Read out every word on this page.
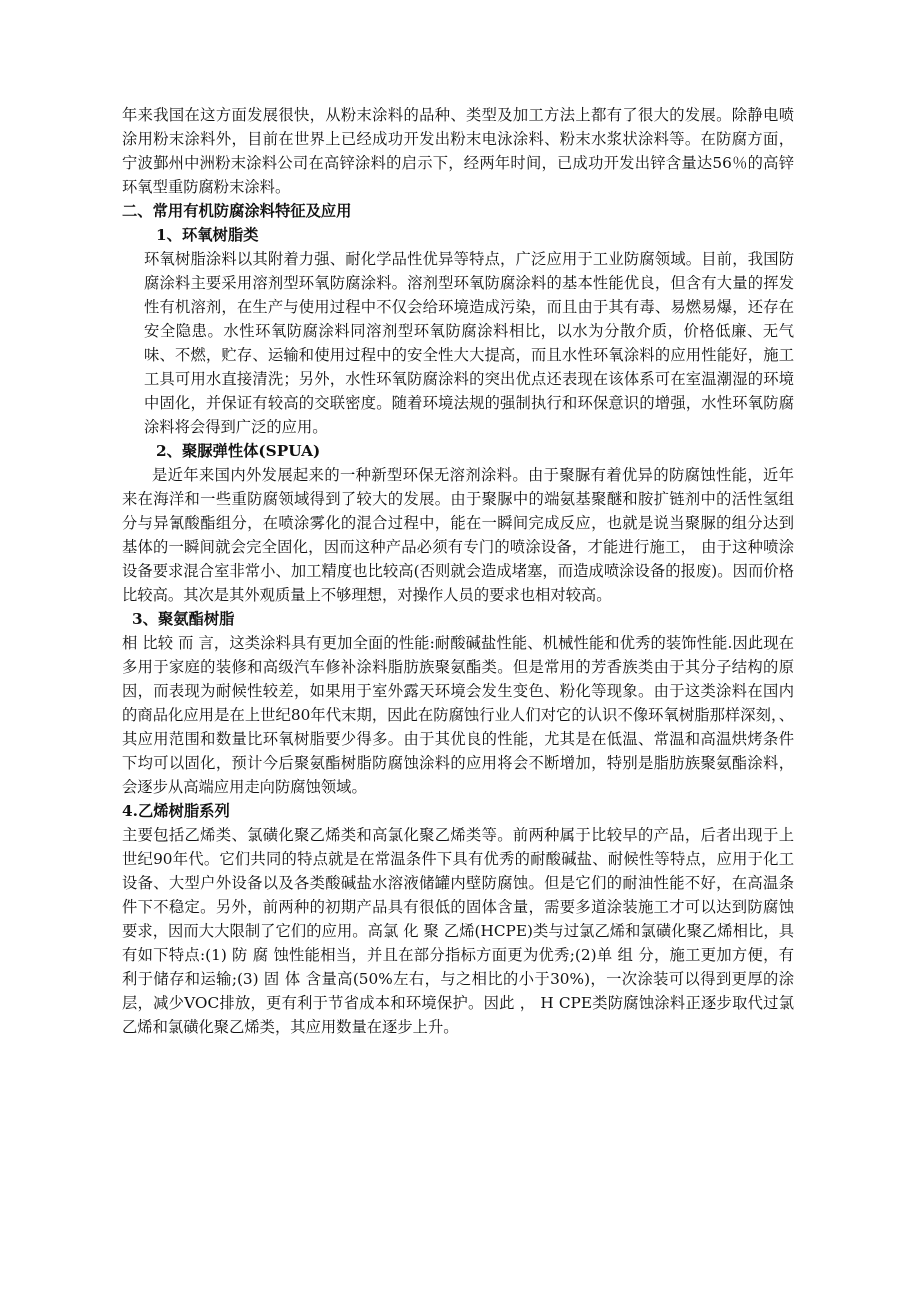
年来我国在这方面发展很快，从粉末涂料的品种、类型及加工方法上都有了很大的发展。除静电喷涂用粉末涂料外，目前在世界上已经成功开发出粉末电泳涂料、粉末水浆状涂料等。在防腐方面，宁波鄞州中洲粉末涂料公司在高锌涂料的启示下，经两年时间，已成功开发出锌含量达56％的高锌环氧型重防腐粉末涂料。

二、常用有机防腐涂料特征及应用

1、环氧树脂类

环氧树脂涂料以其附着力强、耐化学品性优异等特点，广泛应用于工业防腐领域。目前，我国防腐涂料主要采用溶剂型环氧防腐涂料。溶剂型环氧防腐涂料的基本性能优良，但含有大量的挥发性有机溶剂，在生产与使用过程中不仅会给环境造成污染，而且由于其有毒、易燃易爆，还存在安全隐患。水性环氧防腐涂料同溶剂型环氧防腐涂料相比，以水为分散介质，价格低廉、无气味、不燃，贮存、运输和使用过程中的安全性大大提高，而且水性环氧涂料的应用性能好，施工工具可用水直接清洗；另外，水性环氧防腐涂料的突出优点还表现在该体系可在室温潮湿的环境中固化，并保证有较高的交联密度。随着环境法规的强制执行和环保意识的增强，水性环氧防腐涂料将会得到广泛的应用。

2、聚脲弹性体(SPUA)

是近年来国内外发展起来的一种新型环保无溶剂涂料。由于聚脲有着优异的防腐蚀性能，近年来在海洋和一些重防腐领域得到了较大的发展。由于聚脲中的端氨基聚醚和胺扩链剂中的活性氢组分与异氰酸酯组分，在喷涂雾化的混合过程中，能在一瞬间完成反应，也就是说当聚脲的组分达到基体的一瞬间就会完全固化，因而这种产品必须有专门的喷涂设备，才能进行施工， 由于这种喷涂设备要求混合室非常小、加工精度也比较高(否则就会造成堵塞，而造成喷涂设备的报废)。因而价格比较高。其次是其外观质量上不够理想，对操作人员的要求也相对较高。

3、聚氨酯树脂

相 比较 而 言，这类涂料具有更加全面的性能:耐酸碱盐性能、机械性能和优秀的装饰性能.因此现在多用于家庭的装修和高级汽车修补涂料脂肪族聚氨酯类。但是常用的芳香族类由于其分子结构的原因，而表现为耐候性较差，如果用于室外露天环境会发生变色、粉化等现象。由于这类涂料在国内的商品化应用是在上世纪80年代末期，因此在防腐蚀行业人们对它的认识不像环氧树脂那样深刻，、其应用范围和数量比环氧树脂要少得多。由于其优良的性能，尤其是在低温、常温和高温烘烤条件下均可以固化，预计今后聚氨酯树脂防腐蚀涂料的应用将会不断增加，特别是脂肪族聚氨酯涂料，会逐步从高端应用走向防腐蚀领域。

4.乙烯树脂系列

主要包括乙烯类、氯磺化聚乙烯类和高氯化聚乙烯类等。前两种属于比较早的产品，后者出现于上世纪90年代。它们共同的特点就是在常温条件下具有优秀的耐酸碱盐、耐候性等特点，应用于化工设备、大型户外设备以及各类酸碱盐水溶液储罐内壁防腐蚀。但是它们的耐油性能不好，在高温条件下不稳定。另外，前两种的初期产品具有很低的固体含量，需要多道涂装施工才可以达到防腐蚀要求，因而大大限制了它们的应用。高氯 化 聚 乙烯(HCPE)类与过氯乙烯和氯磺化聚乙烯相比，具有如下特点:(1) 防 腐 蚀性能相当，并且在部分指标方面更为优秀;(2)单 组 分，施工更加方便，有利于储存和运输;(3) 固 体 含量高(50%左右，与之相比的小于30%)，一次涂装可以得到更厚的涂层，减少VOC排放，更有利于节省成本和环境保护。因此 ， H CPE类防腐蚀涂料正逐步取代过氯乙烯和氯磺化聚乙烯类，其应用数量在逐步上升。
